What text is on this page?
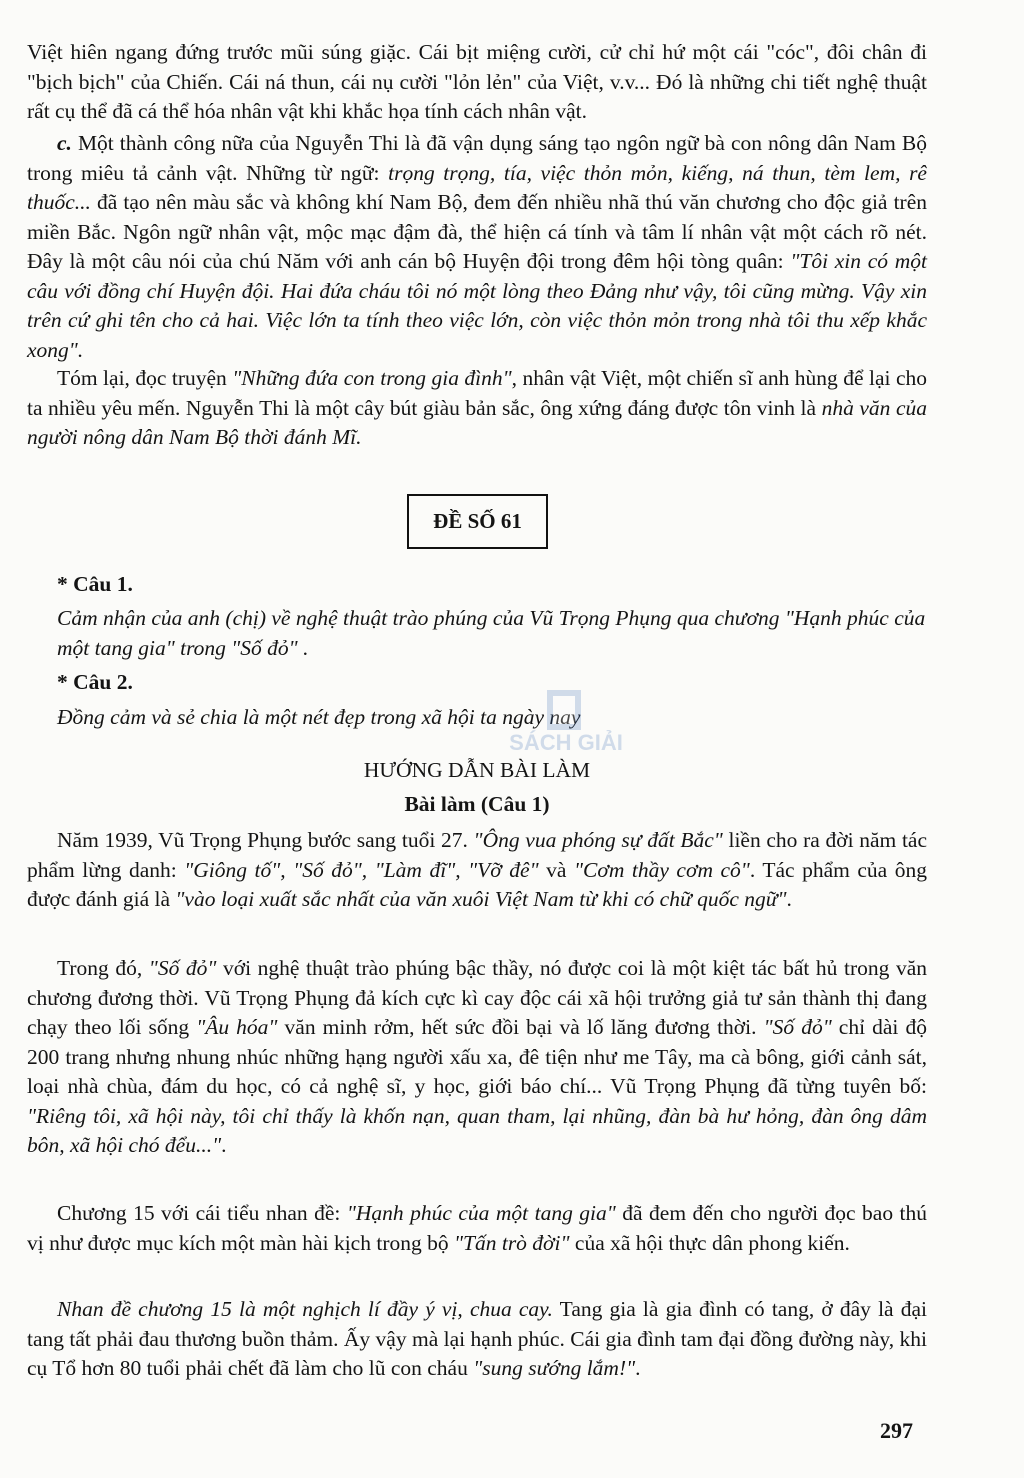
Việt hiên ngang đứng trước mũi súng giặc. Cái bịt miệng cười, cử chỉ hứ một cái "cóc", đôi chân đi "bịch bịch" của Chiến. Cái ná thun, cái nụ cười "lỏn lẻn" của Việt, v.v... Đó là những chi tiết nghệ thuật rất cụ thể đã cá thể hóa nhân vật khi khắc họa tính cách nhân vật.

c. Một thành công nữa của Nguyễn Thi là đã vận dụng sáng tạo ngôn ngữ bà con nông dân Nam Bộ trong miêu tả cảnh vật. Những từ ngữ: trọng trọng, tía, việc thỏn mỏn, kiếng, ná thun, tèm lem, rê thuốc... đã tạo nên màu sắc và không khí Nam Bộ, đem đến nhiều nhã thú văn chương cho độc giả trên miền Bắc. Ngôn ngữ nhân vật, mộc mạc đậm đà, thể hiện cá tính và tâm lí nhân vật một cách rõ nét. Đây là một câu nói của chú Năm với anh cán bộ Huyện đội trong đêm hội tòng quân: "Tôi xin có một câu với đồng chí Huyện đội. Hai đứa cháu tôi nó một lòng theo Đảng như vậy, tôi cũng mừng. Vậy xin trên cứ ghi tên cho cả hai. Việc lớn ta tính theo việc lớn, còn việc thỏn mỏn trong nhà tôi thu xếp khắc xong".

Tóm lại, đọc truyện "Những đứa con trong gia đình", nhân vật Việt, một chiến sĩ anh hùng để lại cho ta nhiều yêu mến. Nguyễn Thi là một cây bút giàu bản sắc, ông xứng đáng được tôn vinh là nhà văn của người nông dân Nam Bộ thời đánh Mĩ.

ĐỀ SỐ 61

* Câu 1.

Cảm nhận của anh (chị) về nghệ thuật trào phúng của Vũ Trọng Phụng qua chương "Hạnh phúc của một tang gia" trong "Số đỏ" .

* Câu 2.

Đồng cảm và sẻ chia là một nét đẹp trong xã hội ta ngày nay

HƯỚNG DẪN BÀI LÀM

Bài làm (Câu 1)

Năm 1939, Vũ Trọng Phụng bước sang tuổi 27. "Ông vua phóng sự đất Bắc" liền cho ra đời năm tác phẩm lừng danh: "Giông tố", "Số đỏ", "Làm đĩ", "Vỡ đê" và "Cơm thầy cơm cô". Tác phẩm của ông được đánh giá là "vào loại xuất sắc nhất của văn xuôi Việt Nam từ khi có chữ quốc ngữ".

Trong đó, "Số đỏ" với nghệ thuật trào phúng bậc thầy, nó được coi là một kiệt tác bất hủ trong văn chương đương thời. Vũ Trọng Phụng đả kích cực kì cay độc cái xã hội trưởng giả tư sản thành thị đang chạy theo lối sống "Âu hóa" văn minh rởm, hết sức đồi bại và lố lăng đương thời. "Số đỏ" chỉ dài độ 200 trang nhưng nhung nhúc những hạng người xấu xa, đê tiện như me Tây, ma cà bông, giới cảnh sát, loại nhà chùa, đám du học, có cả nghệ sĩ, y học, giới báo chí... Vũ Trọng Phụng đã từng tuyên bố: "Riêng tôi, xã hội này, tôi chỉ thấy là khốn nạn, quan tham, lại nhũng, đàn bà hư hỏng, đàn ông dâm bôn, xã hội chó đểu...".

Chương 15 với cái tiểu nhan đề: "Hạnh phúc của một tang gia" đã đem đến cho người đọc bao thú vị như được mục kích một màn hài kịch trong bộ "Tấn trò đời" của xã hội thực dân phong kiến.

Nhan đề chương 15 là một nghịch lí đầy ý vị, chua cay. Tang gia là gia đình có tang, ở đây là đại tang tất phải đau thương buồn thảm. Ấy vậy mà lại hạnh phúc. Cái gia đình tam đại đồng đường này, khi cụ Tổ hơn 80 tuổi phải chết đã làm cho lũ con cháu "sung sướng lắm!".

SÁCH GIẢI
297
